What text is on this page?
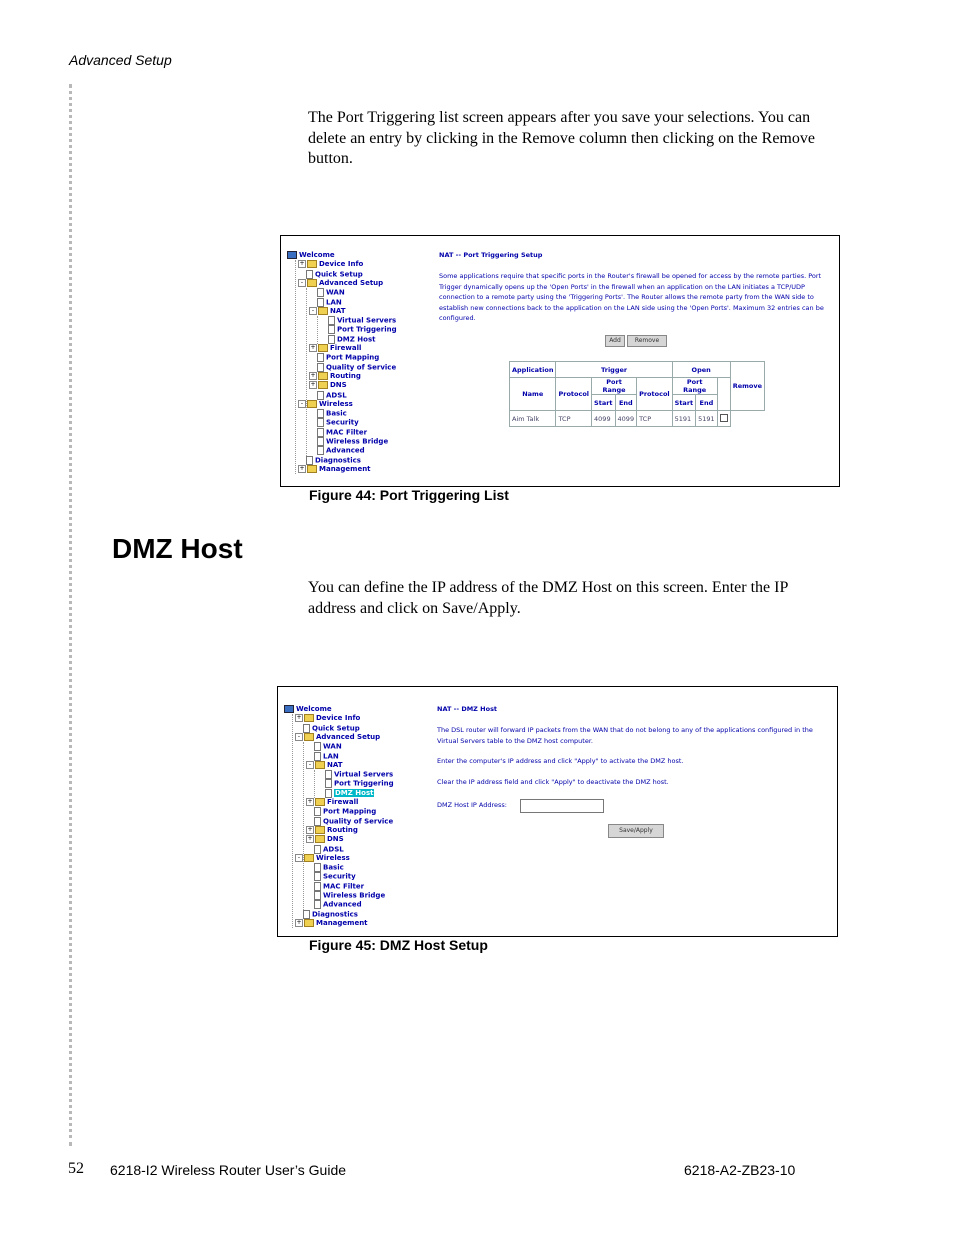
Advanced Setup
The Port Triggering list screen appears after you save your selections. You can delete an entry by clicking in the Remove column then clicking on the Remove button.
Welcome
+ Device Info
Quick Setup
- Advanced Setup
WAN
LAN
- NAT
Virtual Servers
Port Triggering
DMZ Host
+ Firewall
Port Mapping
Quality of Service
+ Routing
+ DNS
ADSL
- Wireless
Basic
Security
MAC Filter
Wireless Bridge
Advanced
Diagnostics
+ Management
NAT -- Port Triggering Setup
Some applications require that specific ports in the Router's firewall be opened for access by the remote parties. Port
Trigger dynamically opens up the 'Open Ports' in the firewall when an application on the LAN initiates a TCP/UDP
connection to a remote party using the 'Triggering Ports'. The Router allows the remote party from the WAN side to
establish new connections back to the application on the LAN side using the 'Open Ports'. Maximum 32 entries can be
configured.
Add	Remove
Application	Trigger				Open			Remove
Name	Protocol	Port Range		Protocol	Port Range			
		Start	End		Start	End		
Aim Talk	TCP	4099	4099	TCP	5191	5191		
Figure 44: Port Triggering List
DMZ Host
You can define the IP address of the DMZ Host on this screen. Enter the IP address and click on Save/Apply.
Welcome
+ Device Info
Quick Setup
- Advanced Setup
WAN
LAN
- NAT
Virtual Servers
Port Triggering
DMZ Host
+ Firewall
Port Mapping
Quality of Service
+ Routing
+ DNS
ADSL
- Wireless
Basic
Security
MAC Filter
Wireless Bridge
Advanced
Diagnostics
+ Management
NAT -- DMZ Host
The DSL router will forward IP packets from the WAN that do not belong to any of the applications configured in the
Virtual Servers table to the DMZ host computer.
Enter the computer's IP address and click "Apply" to activate the DMZ host.
Clear the IP address field and click "Apply" to deactivate the DMZ host.
DMZ Host IP Address:
Save/Apply
Figure 45: DMZ Host Setup
52 6218-I2 Wireless Router User’s Guide	6218-A2-ZB23-10
